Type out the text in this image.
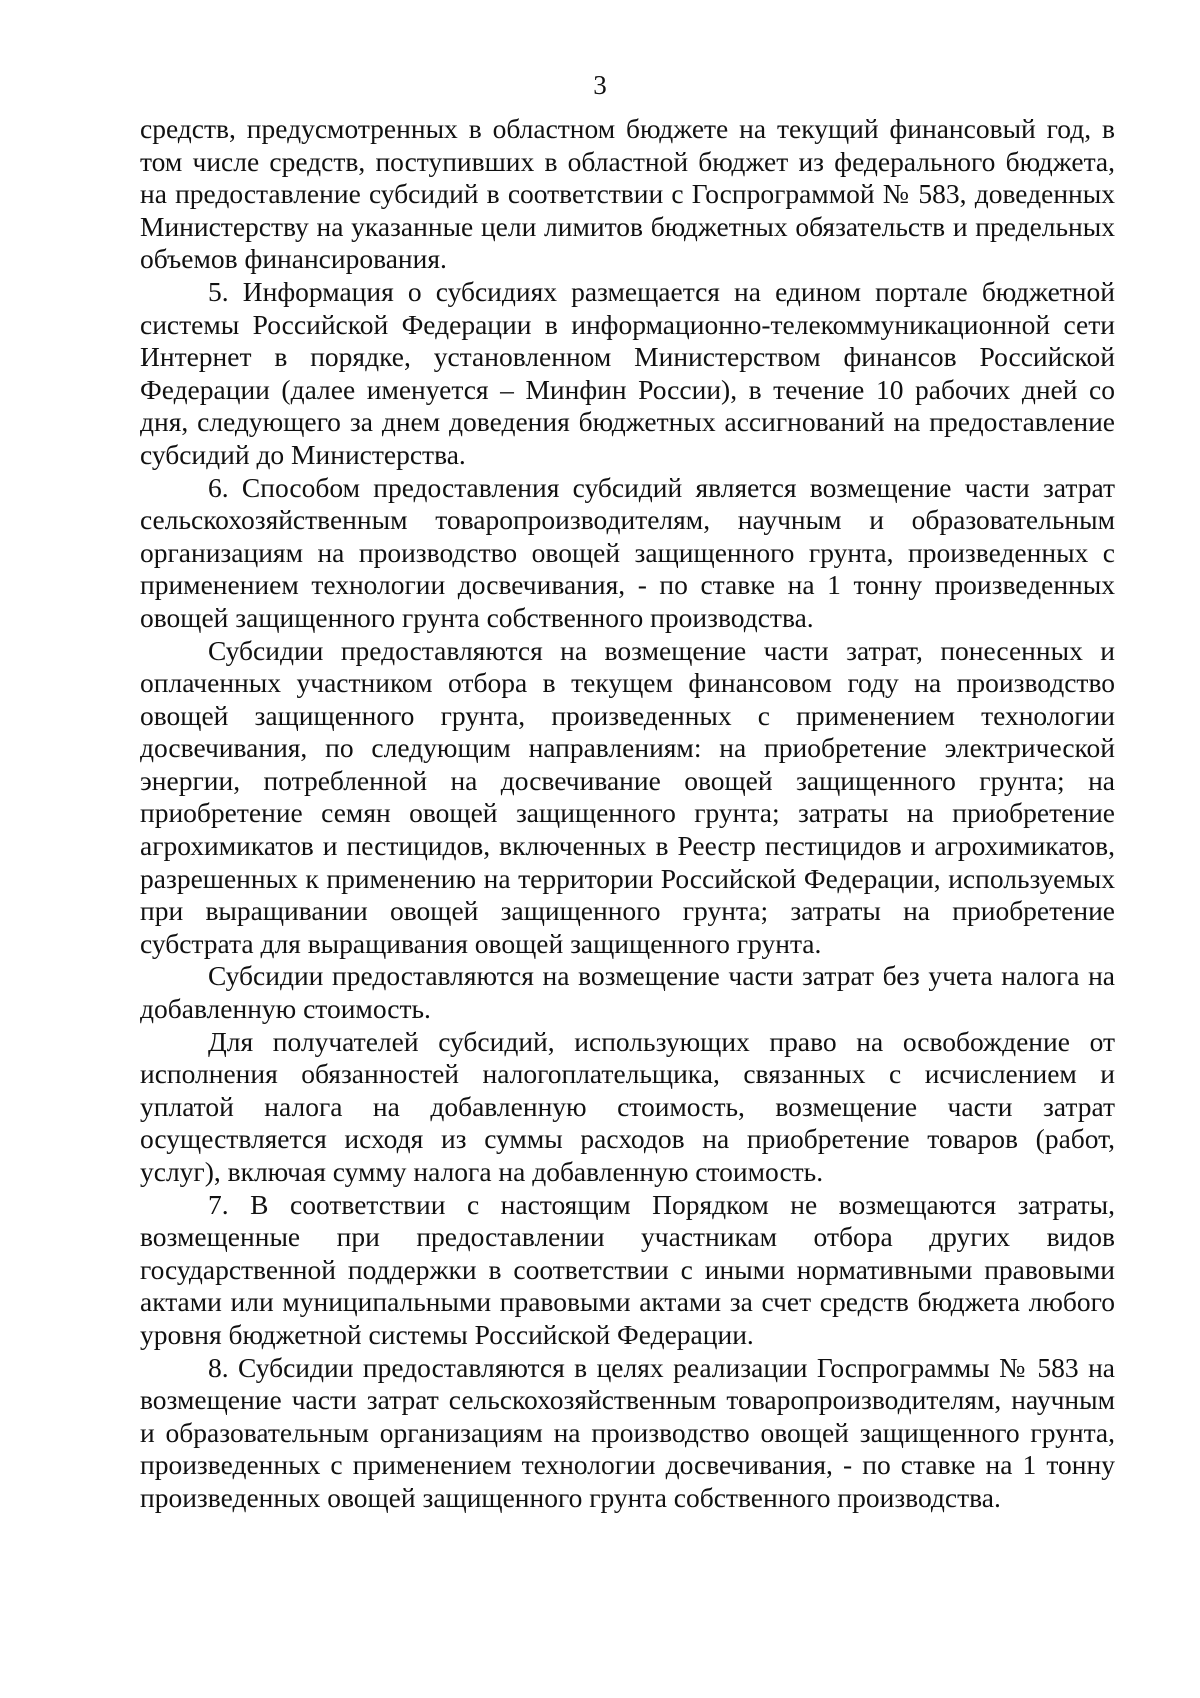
3

средств, предусмотренных в областном бюджете на текущий финансовый год, в том числе средств, поступивших в областной бюджет из федерального бюджета, на предоставление субсидий в соответствии с Госпрограммой № 583, доведенных Министерству на указанные цели лимитов бюджетных обязательств и предельных объемов финансирования.

5. Информация о субсидиях размещается на едином портале бюджетной системы Российской Федерации в информационно-телекоммуникационной сети Интернет в порядке, установленном Министерством финансов Российской Федерации (далее именуется – Минфин России), в течение 10 рабочих дней со дня, следующего за днем доведения бюджетных ассигнований на предоставление субсидий до Министерства.

6. Способом предоставления субсидий является возмещение части затрат сельскохозяйственным товаропроизводителям, научным и образовательным организациям на производство овощей защищенного грунта, произведенных с применением технологии досвечивания, - по ставке на 1 тонну произведенных овощей защищенного грунта собственного производства.

Субсидии предоставляются на возмещение части затрат, понесенных и оплаченных участником отбора в текущем финансовом году на производство овощей защищенного грунта, произведенных с применением технологии досвечивания, по следующим направлениям: на приобретение электрической энергии, потребленной на досвечивание овощей защищенного грунта; на приобретение семян овощей защищенного грунта; затраты на приобретение агрохимикатов и пестицидов, включенных в Реестр пестицидов и агрохимикатов, разрешенных к применению на территории Российской Федерации, используемых при выращивании овощей защищенного грунта; затраты на приобретение субстрата для выращивания овощей защищенного грунта.

Субсидии предоставляются на возмещение части затрат без учета налога на добавленную стоимость.

Для получателей субсидий, использующих право на освобождение от исполнения обязанностей налогоплательщика, связанных с исчислением и уплатой налога на добавленную стоимость, возмещение части затрат осуществляется исходя из суммы расходов на приобретение товаров (работ, услуг), включая сумму налога на добавленную стоимость.

7. В соответствии с настоящим Порядком не возмещаются затраты, возмещенные при предоставлении участникам отбора других видов государственной поддержки в соответствии с иными нормативными правовыми актами или муниципальными правовыми актами за счет средств бюджета любого уровня бюджетной системы Российской Федерации.

8. Субсидии предоставляются в целях реализации Госпрограммы № 583 на возмещение части затрат сельскохозяйственным товаропроизводителям, научным и образовательным организациям на производство овощей защищенного грунта, произведенных с применением технологии досвечивания, - по ставке на 1 тонну произведенных овощей защищенного грунта собственного производства.
